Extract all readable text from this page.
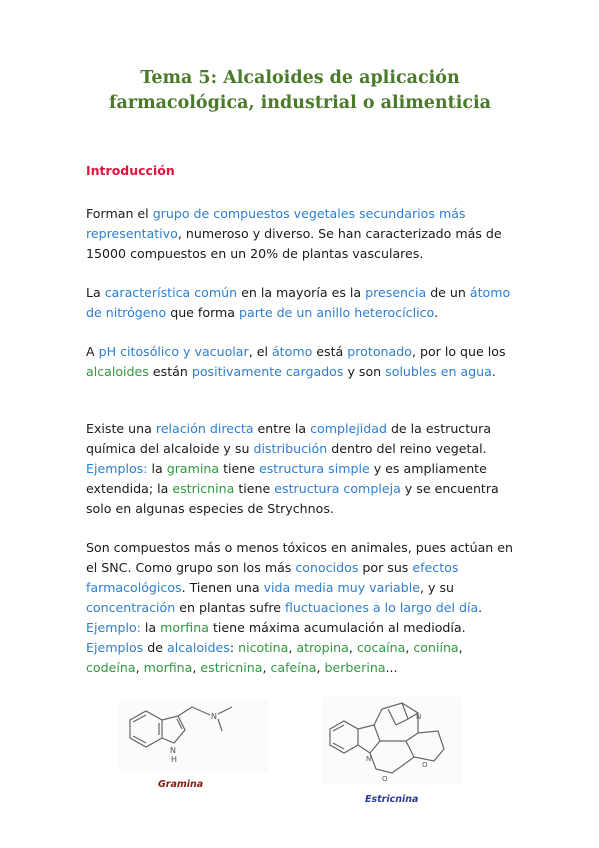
Tema 5: Alcaloides de aplicación
farmacológica, industrial o alimenticia
Introducción
Forman el grupo de compuestos vegetales secundarios más representativo, numeroso y diverso. Se han caracterizado más de 15000 compuestos en un 20% de plantas vasculares.
La característica común en la mayoría es la presencia de un átomo de nitrógeno que forma parte de un anillo heterocíclico.
A pH citosólico y vacuolar, el átomo está protonado, por lo que los alcaloides están positivamente cargados y son solubles en agua.
Existe una relación directa entre la complejidad de la estructura química del alcaloide y su distribución dentro del reino vegetal. Ejemplos: la gramina tiene estructura simple y es ampliamente extendida; la estricnina tiene estructura compleja y se encuentra solo en algunas especies de Strychnos.
Son compuestos más o menos tóxicos en animales, pues actúan en el SNC. Como grupo son los más conocidos por sus efectos farmacológicos. Tienen una vida media muy variable, y su concentración en plantas sufre fluctuaciones a lo largo del día. Ejemplo: la morfina tiene máxima acumulación al mediodía. Ejemplos de alcaloides: nicotina, atropina, cocaína, coniína, codeína, morfina, estricnina, cafeína, berberina...
N
H
N
Gramina
N
N
O
O
Estricnina
